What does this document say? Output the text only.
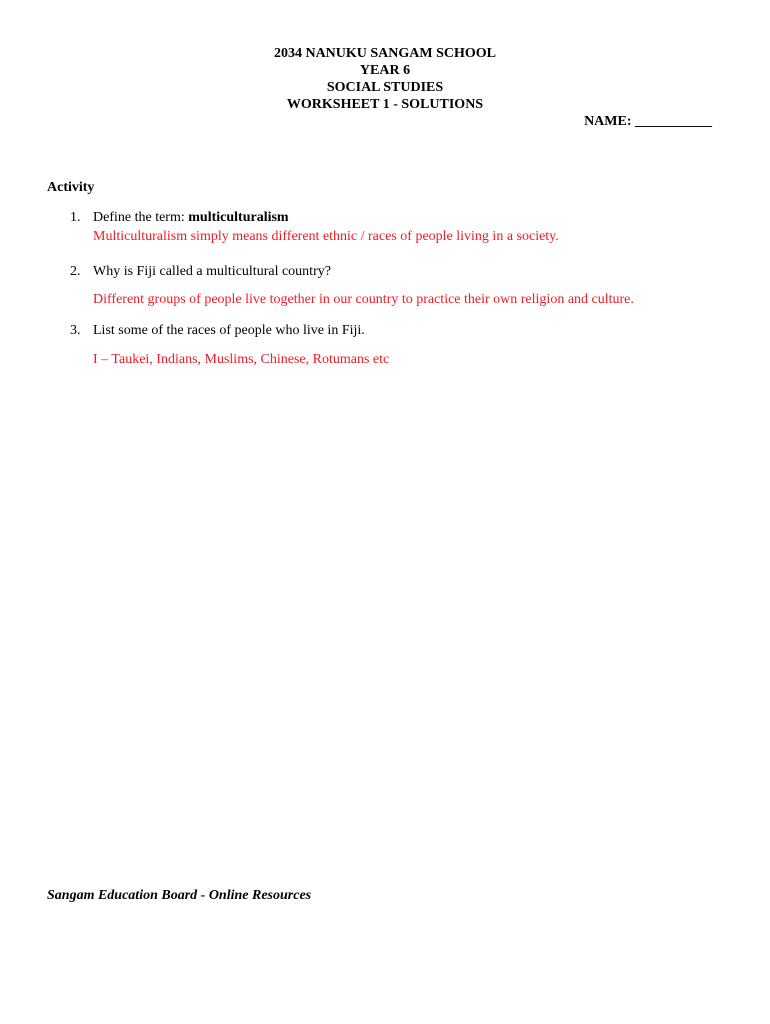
2034 NANUKU SANGAM SCHOOL
YEAR 6
SOCIAL STUDIES
WORKSHEET 1 - SOLUTIONS
NAME: ___________
Activity
1. Define the term: multiculturalism
Multiculturalism simply means different ethnic / races of people living in a society.
2. Why is Fiji called a multicultural country?
Different groups of people live together in our country to practice their own religion and culture.
3. List some of the races of people who live in Fiji.
I – Taukei, Indians, Muslims, Chinese, Rotumans etc
Sangam Education Board - Online Resources
